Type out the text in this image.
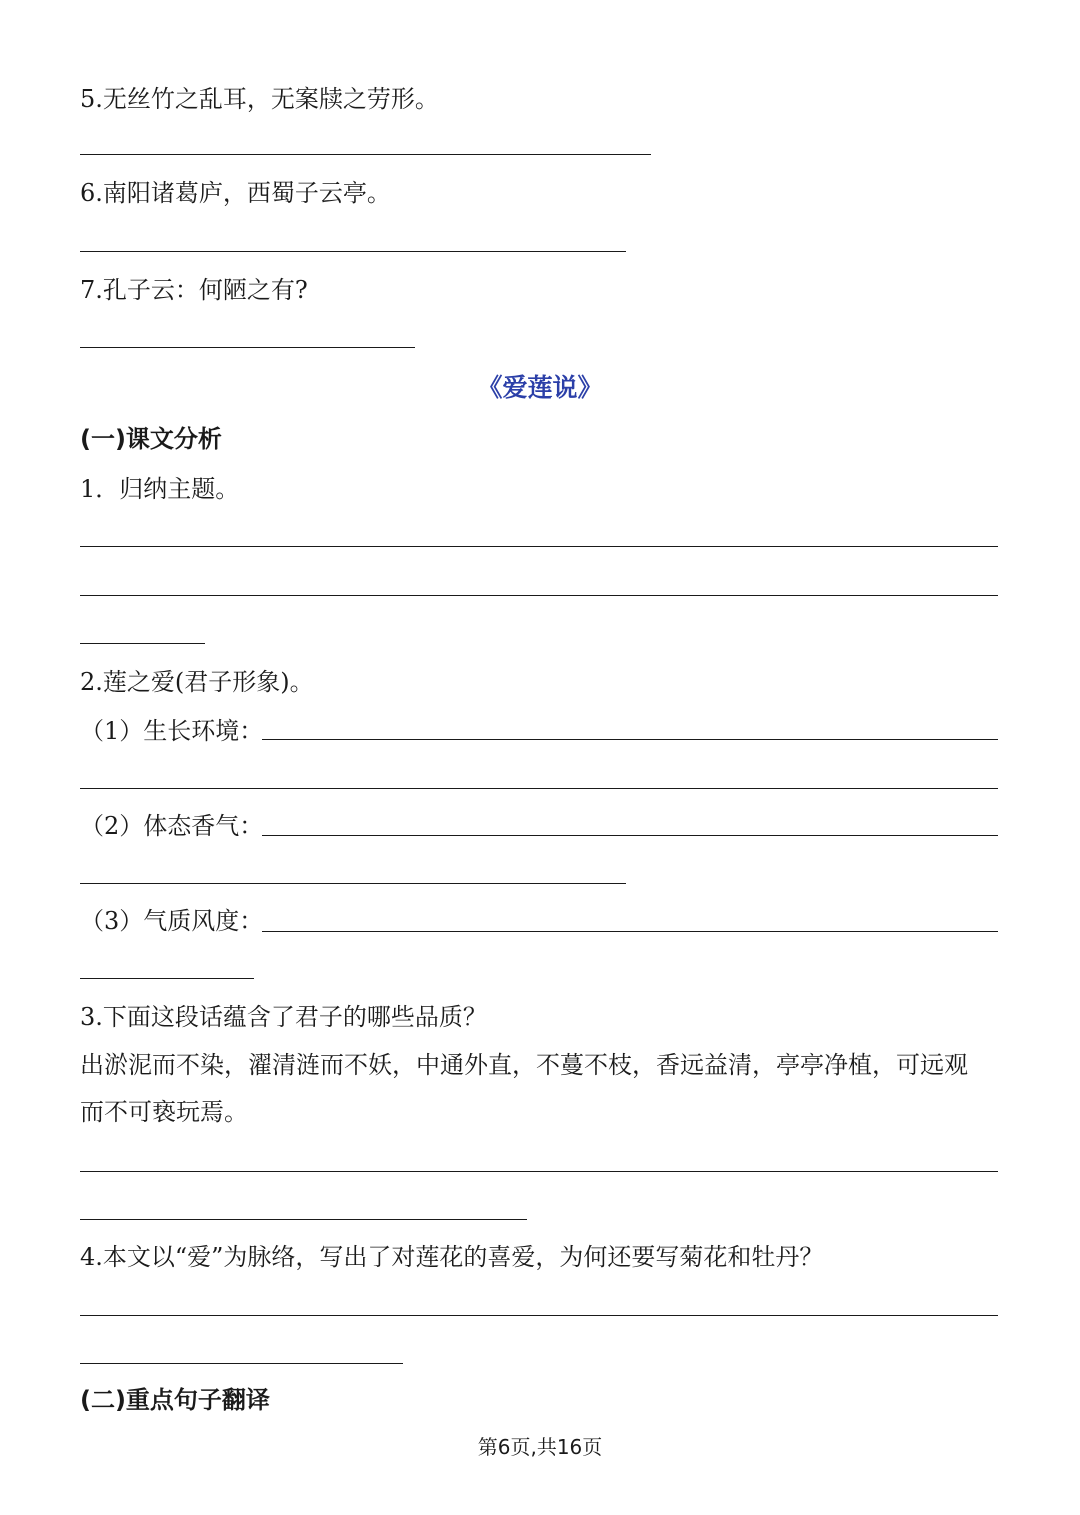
5.无丝竹之乱耳，无案牍之劳形。
6.南阳诸葛庐，西蜀子云亭。
7.孔子云：何陋之有?
《爱莲说》
(一)课文分析
1．归纳主题。
2.莲之爱(君子形象)。
（1）生长环境：
（2）体态香气：
（3）气质风度：
3.下面这段话蕴含了君子的哪些品质？
出淤泥而不染，濯清涟而不妖，中通外直，不蔓不枝，香远益清，亭亭净植，可远观
而不可亵玩焉。
4.本文以“爱”为脉络，写出了对莲花的喜爱，为何还要写菊花和牡丹？
(二)重点句子翻译
第6页,共16页
